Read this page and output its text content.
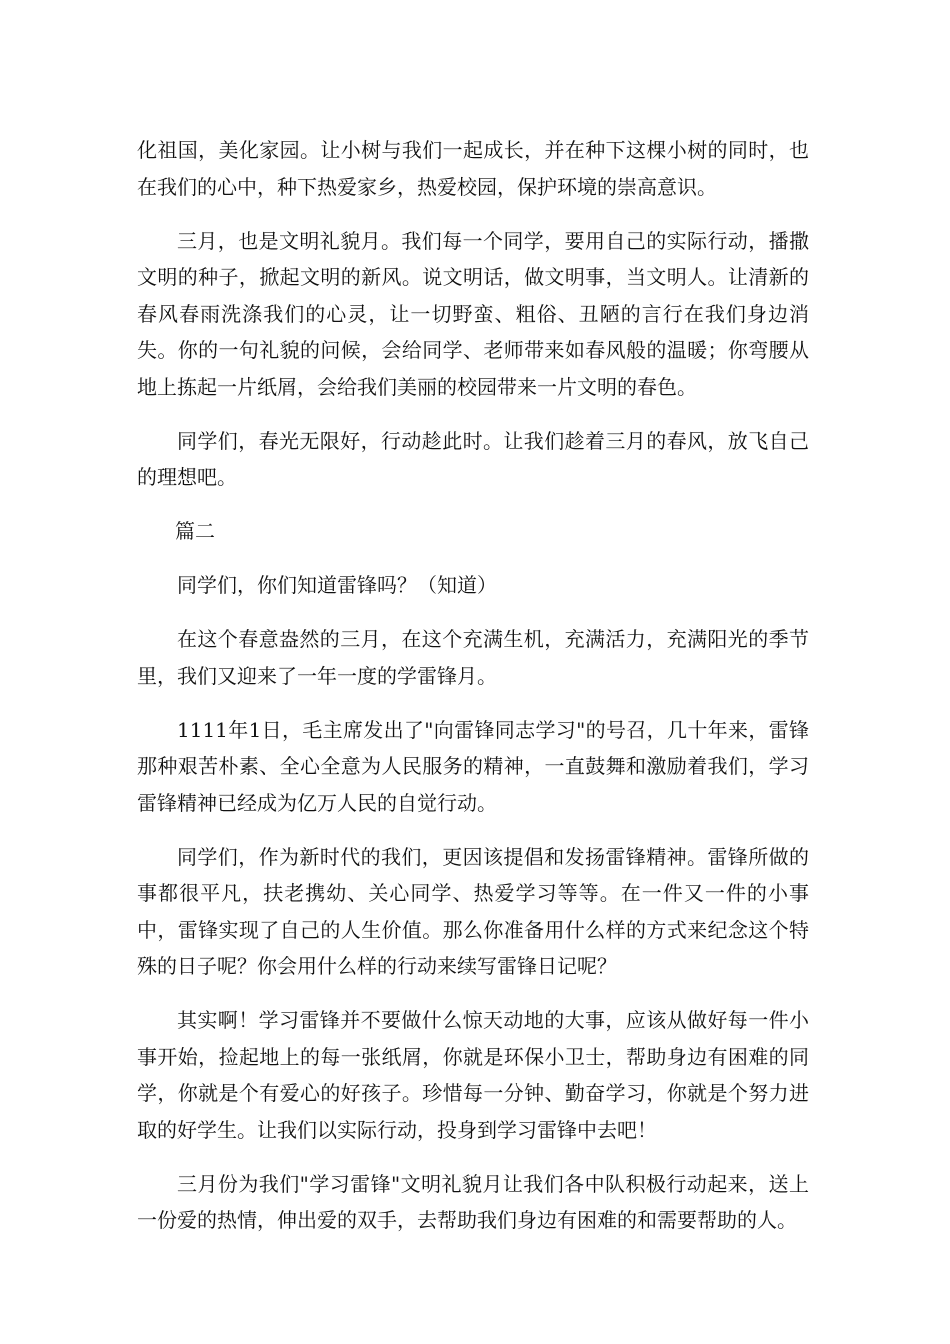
化祖国，美化家园。让小树与我们一起成长，并在种下这棵小树的同时，也在我们的心中，种下热爱家乡，热爱校园，保护环境的崇高意识。

三月，也是文明礼貌月。我们每一个同学，要用自己的实际行动，播撒文明的种子，掀起文明的新风。说文明话，做文明事，当文明人。让清新的春风春雨洗涤我们的心灵，让一切野蛮、粗俗、丑陋的言行在我们身边消失。你的一句礼貌的问候，会给同学、老师带来如春风般的温暖；你弯腰从地上拣起一片纸屑，会给我们美丽的校园带来一片文明的春色。

同学们，春光无限好，行动趁此时。让我们趁着三月的春风，放飞自己的理想吧。

篇二

同学们，你们知道雷锋吗？（知道）

在这个春意盎然的三月，在这个充满生机，充满活力，充满阳光的季节里，我们又迎来了一年一度的学雷锋月。

1111年1日，毛主席发出了"向雷锋同志学习"的号召，几十年来，雷锋那种艰苦朴素、全心全意为人民服务的精神，一直鼓舞和激励着我们，学习雷锋精神已经成为亿万人民的自觉行动。

同学们，作为新时代的我们，更因该提倡和发扬雷锋精神。雷锋所做的事都很平凡，扶老携幼、关心同学、热爱学习等等。在一件又一件的小事中，雷锋实现了自己的人生价值。那么你准备用什么样的方式来纪念这个特殊的日子呢？你会用什么样的行动来续写雷锋日记呢？

其实啊！学习雷锋并不要做什么惊天动地的大事，应该从做好每一件小事开始，捡起地上的每一张纸屑，你就是环保小卫士，帮助身边有困难的同学，你就是个有爱心的好孩子。珍惜每一分钟、勤奋学习，你就是个努力进取的好学生。让我们以实际行动，投身到学习雷锋中去吧！

三月份为我们"学习雷锋"文明礼貌月让我们各中队积极行动起来，送上一份爱的热情，伸出爱的双手，去帮助我们身边有困难的和需要帮助的人。
